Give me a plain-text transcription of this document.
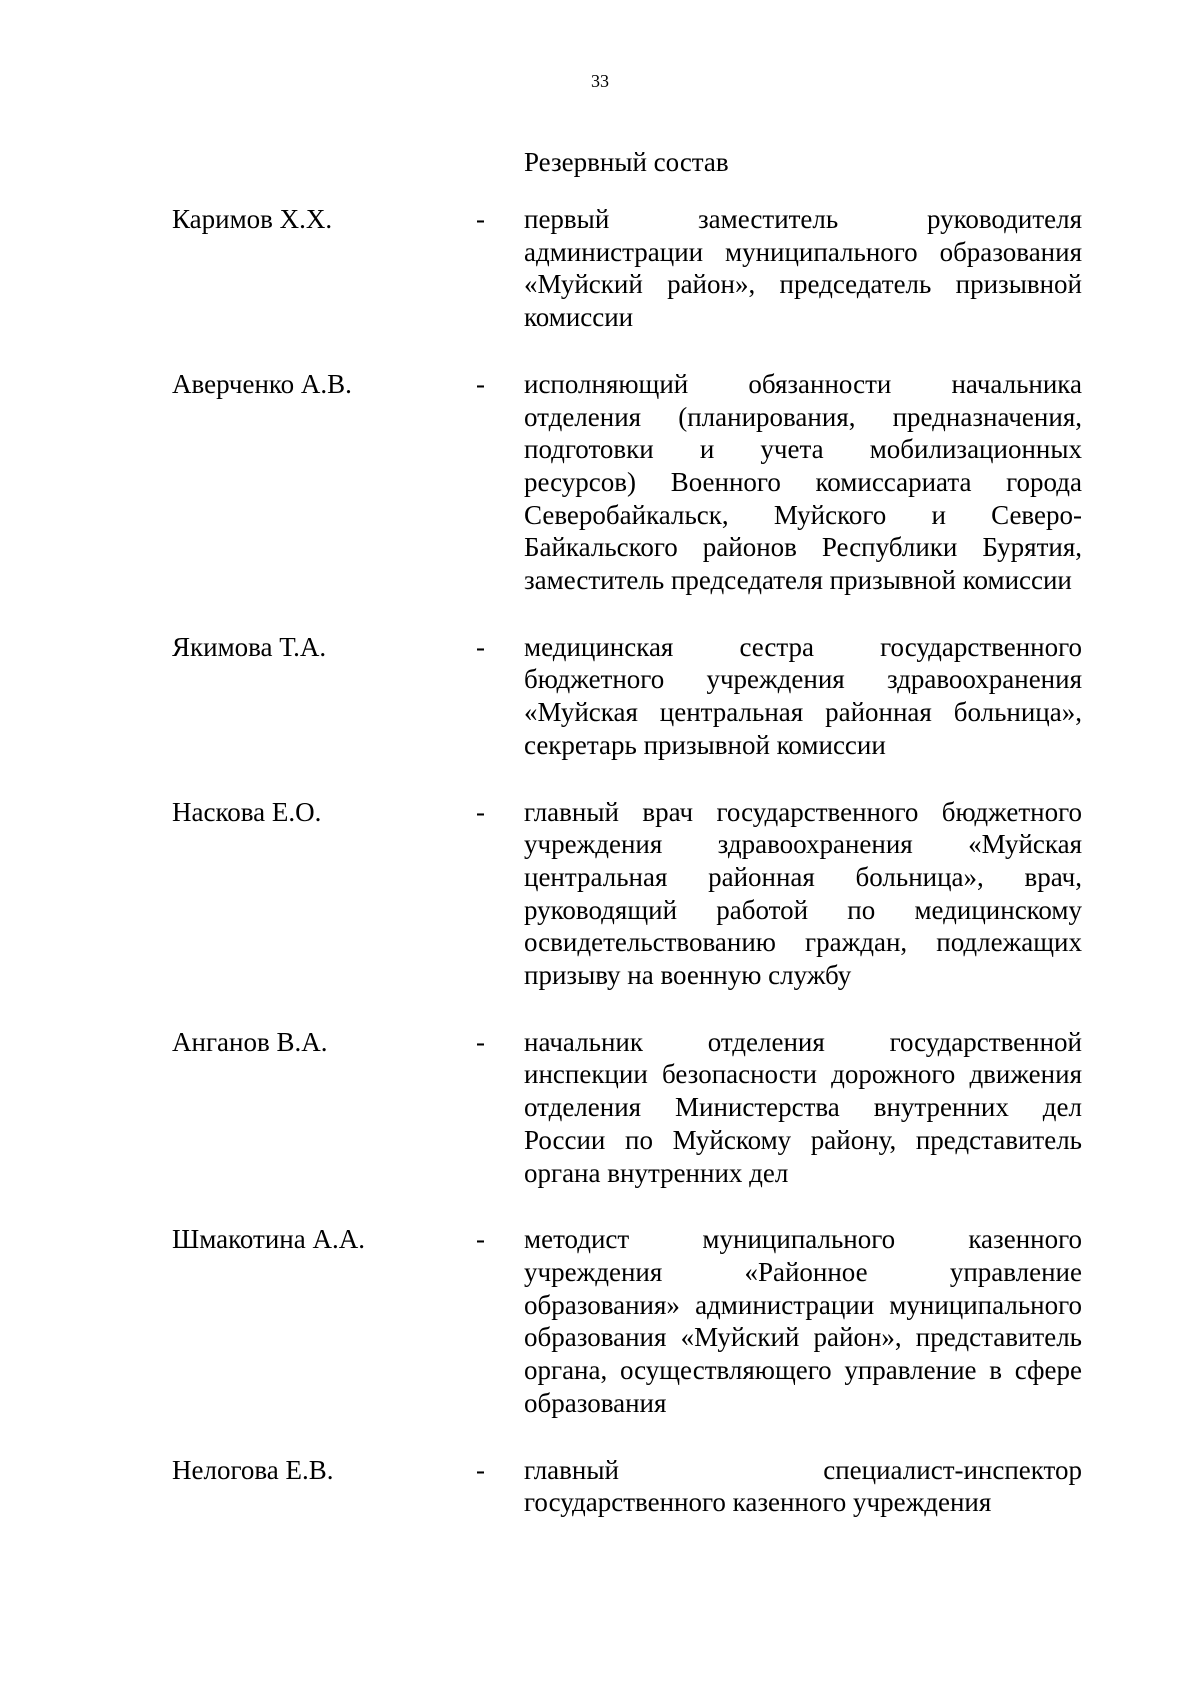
33
Резервный состав
Каримов Х.Х.	- первый заместитель руководителя администрации муниципального образования «Муйский район», председатель призывной комиссии
Аверченко А.В.	- исполняющий обязанности начальника отделения (планирования, предназначения, подготовки и учета мобилизационных ресурсов) Военного комиссариата города Северобайкальск, Муйского и Северо-Байкальского районов Республики Бурятия, заместитель председателя призывной комиссии
Якимова Т.А.	- медицинская сестра государственного бюджетного учреждения здравоохранения «Муйская центральная районная больница», секретарь призывной комиссии
Наскова Е.О.	- главный врач государственного бюджетного учреждения здравоохранения «Муйская центральная районная больница», врач, руководящий работой по медицинскому освидетельствованию граждан, подлежащих призыву на военную службу
Анганов В.А.	- начальник отделения государственной инспекции безопасности дорожного движения отделения Министерства внутренних дел России по Муйскому району, представитель органа внутренних дел
Шмакотина А.А.	- методист муниципального казенного учреждения «Районное управление образования» администрации муниципального образования «Муйский район», представитель органа, осуществляющего управление в сфере образования
Нелогова Е.В.	- главный специалист-инспектор государственного казенного учреждения
